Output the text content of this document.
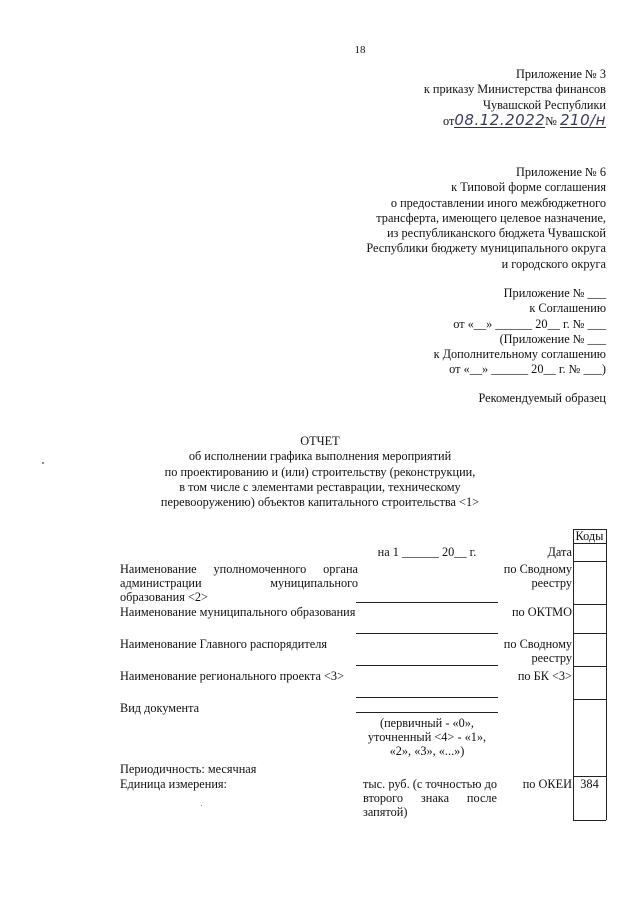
18
Приложение № 3
к приказу Министерства финансов
Чувашской Республики
от08.12.2022№ 210/н
Приложение № 6
к Типовой форме соглашения
о предоставлении иного межбюджетного
трансферта, имеющего целевое назначение,
из республиканского бюджета Чувашской
Республики бюджету муниципального округа
и городского округа
Приложение № ___
к Соглашению
от «__» ______ 20__ г. № ___
(Приложение № ___
к Дополнительному соглашению
от «__» ______ 20__ г. № ___)
Рекомендуемый образец
ОТЧЕТ
об исполнении графика выполнения мероприятий
по проектированию и (или) строительству (реконструкции,
в том числе с элементами реставрации, техническому
перевооружению) объектов капитального строительства <1>
Коды
на 1 ______ 20__ г.	Дата
Наименование уполномоченного органа администрации муниципального образования <2>
по Сводному
реестру
Наименование муниципального образования	по ОКТМО
Наименование Главного распорядителя	по Сводному
реестру
Наименование регионального проекта <3>	по БК <3>
Вид документа
(первичный - «0», уточненный <4> - «1», «2», «3», «...»)
Периодичность: месячная
Единица измерения:	тыс. руб. (с точностью до второго знака после запятой)
по ОКЕИ 384
